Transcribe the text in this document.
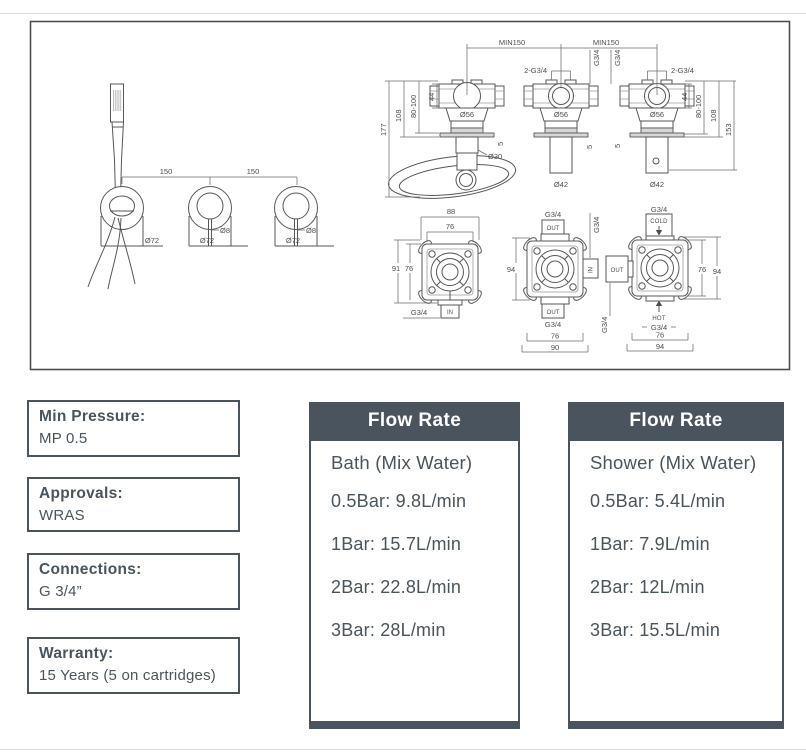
Ø72
Ø8
Ø72
Ø8
Ø72
150	150
Ø56
Ø30
5
Ø56
Ø42
5
Ø56
Ø42
5
MIN150	MIN150
2-G3/4	2-G3/4
G3/4 G3/4
177
108 80-100 44	44 80-100 108
153
IN
88
76
91 76
G3/4
OUT
G3/4
G3/4
IN
OUT
G3/4
94
76
90
G3/4
COLD
OUT
G3/4	HOT
G3/4
76 94
76
94
Min Pressure:
MP 0.5
Approvals:
WRAS
Connections:
G 3/4”
Warranty:
15 Years (5 on cartridges)
Flow Rate
Bath (Mix Water)
0.5Bar: 9.8L/min
1Bar: 15.7L/min
2Bar: 22.8L/min
3Bar: 28L/min
Flow Rate
Shower (Mix Water)
0.5Bar: 5.4L/min
1Bar: 7.9L/min
2Bar: 12L/min
3Bar: 15.5L/min
